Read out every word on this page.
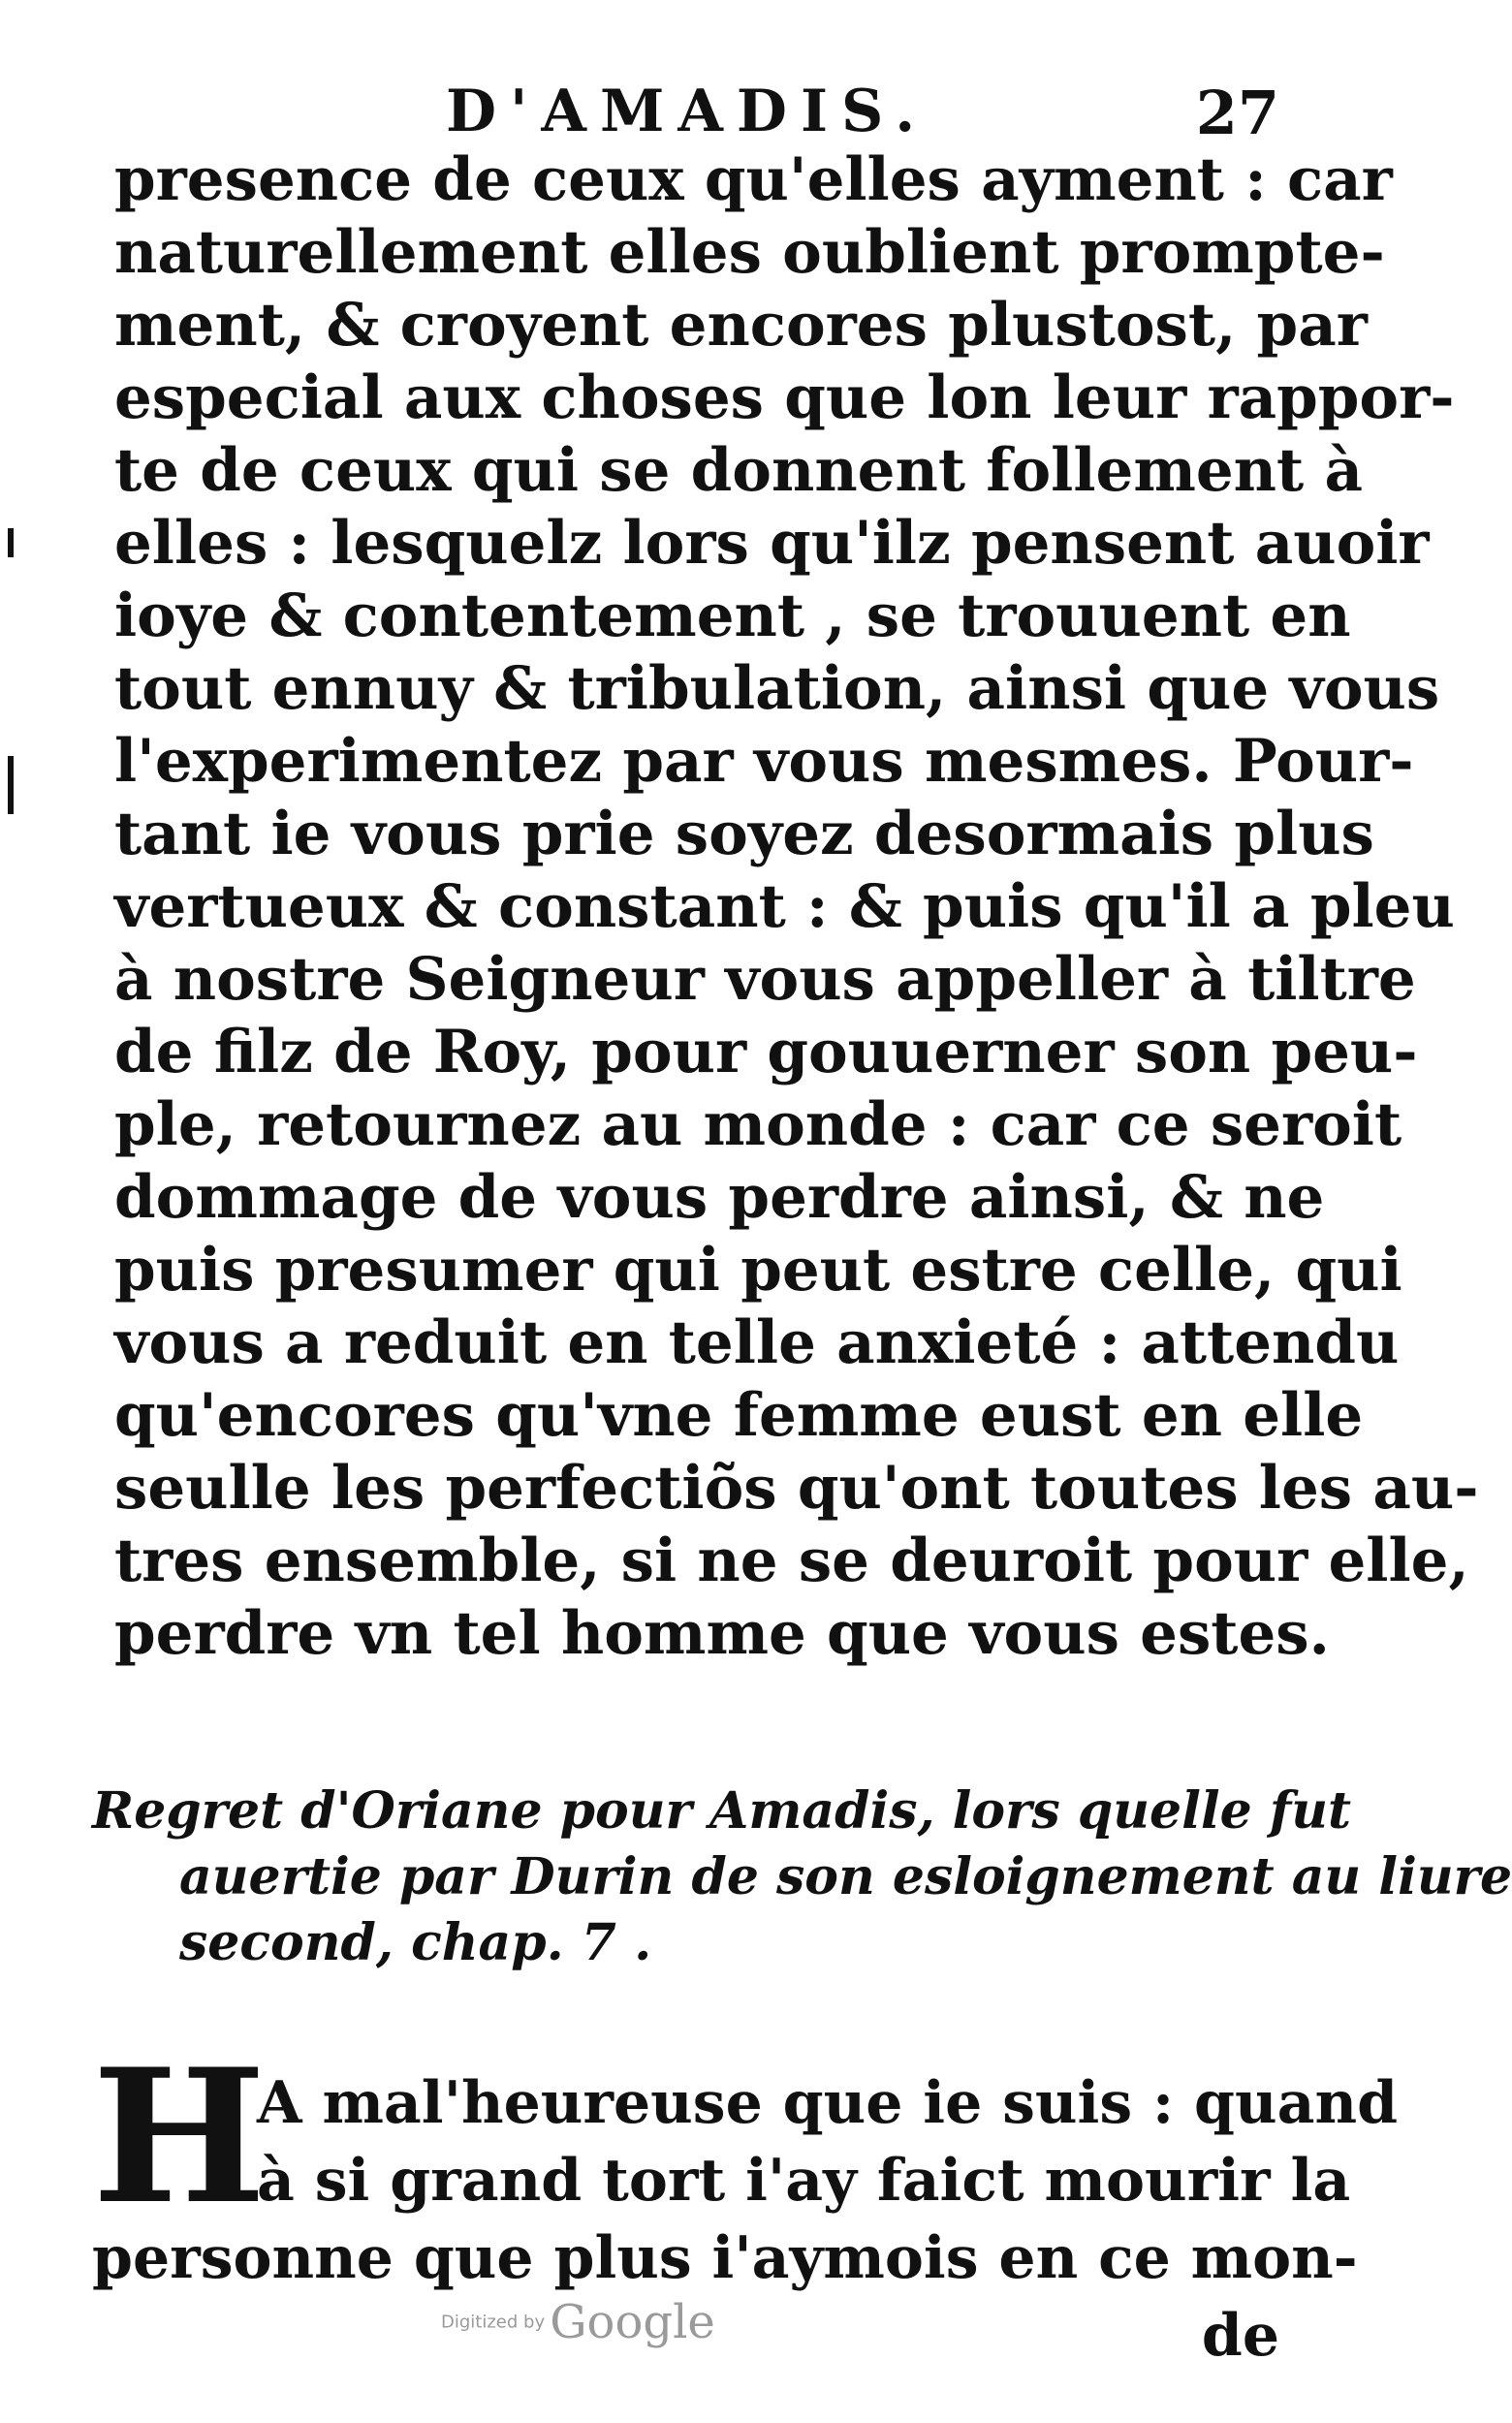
D'AMADIS.	27
presence de ceux qu'elles ayment : car
naturellement elles oublient prompte-
ment, & croyent encores plustost, par
especial aux choses que lon leur rappor-
te de ceux qui se donnent follement à
elles : lesquelz lors qu'ilz pensent auoir
ioye & contentement , se trouuent en
tout ennuy & tribulation, ainsi que vous
l'experimentez par vous mesmes. Pour-
tant ie vous prie soyez desormais plus
vertueux & constant : & puis qu'il a pleu
à nostre Seigneur vous appeller à tiltre
de filz de Roy, pour gouuerner son peu-
ple, retournez au monde : car ce seroit
dommage de vous perdre ainsi, & ne
puis presumer qui peut estre celle, qui
vous a reduit en telle anxieté : attendu
qu'encores qu'vne femme eust en elle
seulle les perfectiõs qu'ont toutes les au-
tres ensemble, si ne se deuroit pour elle,
perdre vn tel homme que vous estes.
Regret d'Oriane pour Amadis, lors quelle fut
auertie par Durin de son esloignement au liure
second, chap. 7 .
H
A mal'heureuse que ie suis : quand
à si grand tort i'ay faict mourir la
personne que plus i'aymois en ce mon-
Digitized by Google	de
